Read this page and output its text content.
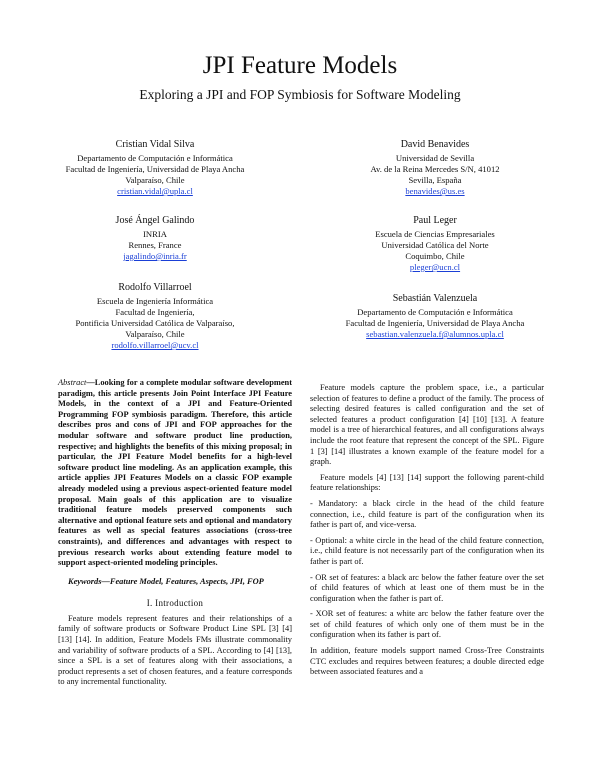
JPI Feature Models
Exploring a JPI and FOP Symbiosis for Software Modeling
Cristian Vidal Silva
Departamento de Computación e Informática
Facultad de Ingeniería, Universidad de Playa Ancha
Valparaíso, Chile
cristian.vidal@upla.cl
David Benavides
Universidad de Sevilla
Av. de la Reina Mercedes S/N, 41012
Sevilla, España
benavides@us.es
José Ángel Galindo
INRIA
Rennes, France
jagalindo@inria.fr
Paul Leger
Escuela de Ciencias Empresariales
Universidad Católica del Norte
Coquimbo, Chile
pleger@ucn.cl
Rodolfo Villarroel
Escuela de Ingeniería Informática
Facultad de Ingeniería,
Pontificia Universidad Católica de Valparaíso,
Valparaíso, Chile
rodolfo.villarroel@ucv.cl
Sebastián Valenzuela
Departamento de Computación e Informática
Facultad de Ingeniería, Universidad de Playa Ancha
sebastian.valenzuela.f@alumnos.upla.cl
Abstract—Looking for a complete modular software development paradigm, this article presents Join Point Interface JPI Feature Models, in the context of a JPI and Feature-Oriented Programming FOP symbiosis paradigm. Therefore, this article describes pros and cons of JPI and FOP approaches for the modular software and software product line production, respective; and highlights the benefits of this mixing proposal; in particular, the JPI Feature Model benefits for a high-level software product line modeling. As an application example, this article applies JPI Features Models on a classic FOP example already modeled using a previous aspect-oriented feature model proposal. Main goals of this application are to visualize traditional feature models preserved components such alternative and optional feature sets and optional and mandatory features as well as special features associations (cross-tree constraints), and differences and advantages with respect to previous research works about extending feature model to support aspect-oriented modeling principles.
Keywords—Feature Model, Features, Aspects, JPI, FOP
I. Introduction

Feature models represent features and their relationships of a family of software products or Software Product Line SPL [3] [4] [13] [14]. In addition, Feature Models FMs illustrate commonality and variability of software products of a SPL. According to [4] [13], since a SPL is a set of features along with their associations, a product represents a set of chosen features, and a feature corresponds to any incremental functionality.

Feature models capture the problem space, i.e., a particular selection of features to define a product of the family. The process of selecting desired features is called configuration and the set of selected features a product configuration [4] [10] [13]. A feature model is a tree of hierarchical features, and all configurations always include the root feature that represent the concept of the SPL. Figure 1 [3] [14] illustrates a known example of the feature model for a graph.

Feature models [4] [13] [14] support the following parent-child feature relationships:

- Mandatory: a black circle in the head of the child feature connection, i.e., child feature is part of the configuration when its father is part of, and vice-versa.

- Optional: a white circle in the head of the child feature connection, i.e., child feature is not necessarily part of the configuration when its father is part of.

- OR set of features: a black arc below the father feature over the set of child features of which at least one of them must be in the configuration when the father is part of.

- XOR set of features: a white arc below the father feature over the set of child features of which only one of them must be in the configuration when its father is part of.

In addition, feature models support named Cross-Tree Constraints CTC excludes and requires between features; a double directed edge between associated features and a
